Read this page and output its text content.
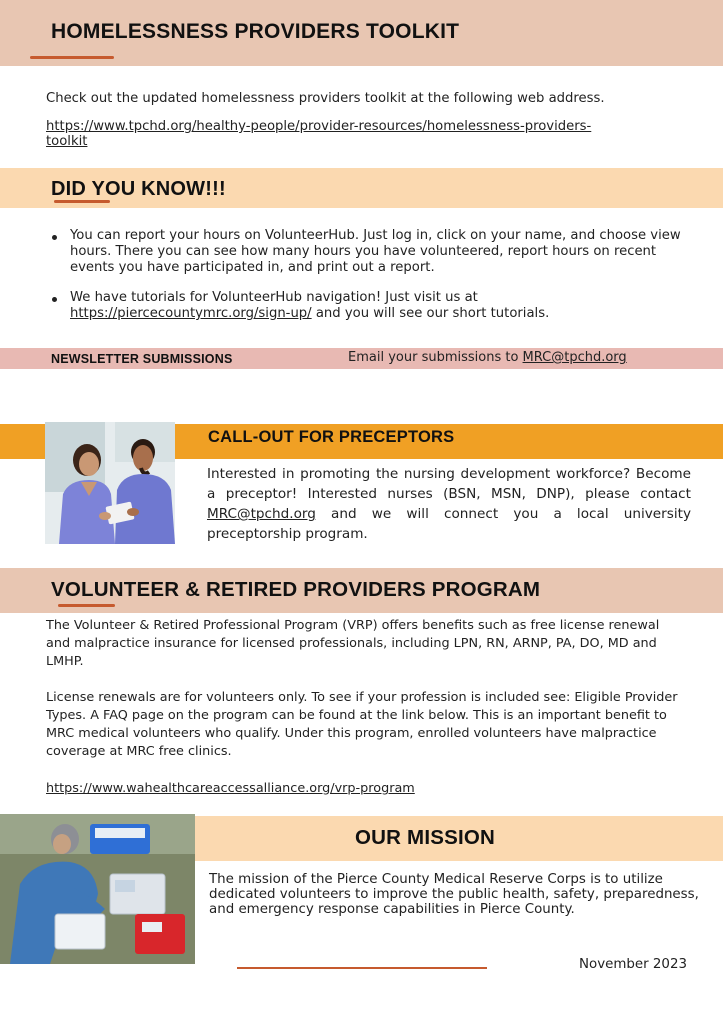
HOMELESSNESS PROVIDERS TOOLKIT
Check out the updated homelessness providers toolkit at the following web address.
https://www.tpchd.org/healthy-people/provider-resources/homelessness-providers-
toolkit
DID YOU KNOW!!!
You can report your hours on VolunteerHub. Just log in, click on your name, and choose view hours. There you can see how many hours you have volunteered, report hours on recent events you have participated in, and print out a report.
We have tutorials for VolunteerHub navigation! Just visit us at
https://piercecountymrc.org/sign-up/ and you will see our short tutorials.
NEWSLETTER SUBMISSIONS	Email your submissions to MRC@tpchd.org
CALL-OUT FOR PRECEPTORS
Interested in promoting the nursing development workforce? Become a preceptor! Interested nurses (BSN, MSN, DNP), please contact MRC@tpchd.org and we will connect you a local university preceptorship program.
VOLUNTEER & RETIRED PROVIDERS PROGRAM
The Volunteer & Retired Professional Program (VRP) offers benefits such as free license renewal and malpractice insurance for licensed professionals, including LPN, RN, ARNP, PA, DO, MD and LMHP.
License renewals are for volunteers only. To see if your profession is included see: Eligible Provider Types. A FAQ page on the program can be found at the link below. This is an important benefit to MRC medical volunteers who qualify. Under this program, enrolled volunteers have malpractice coverage at MRC free clinics.
https://www.wahealthcareaccessalliance.org/vrp-program
OUR MISSION
The mission of the Pierce County Medical Reserve Corps is to utilize dedicated volunteers to improve the public health, safety, preparedness, and emergency response capabilities in Pierce County.
November 2023
